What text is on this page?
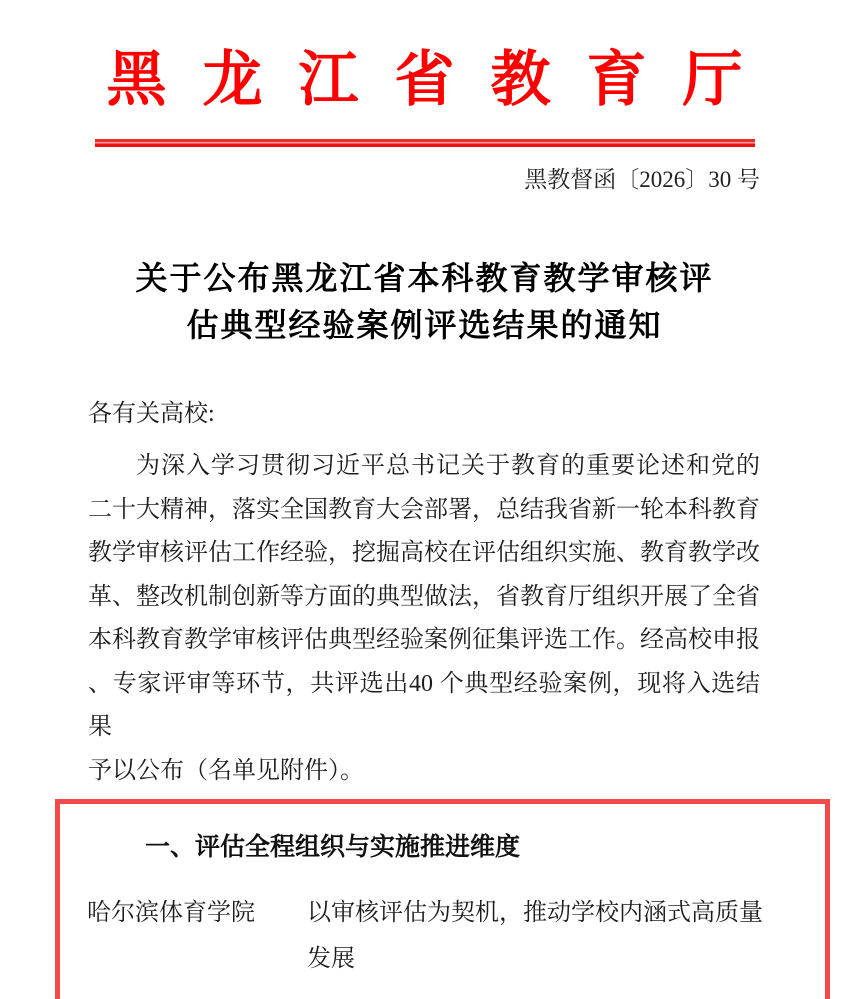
黑龙江省教育厅
黑教督函〔2026〕30 号
关于公布黑龙江省本科教育教学审核评
估典型经验案例评选结果的通知
各有关高校:
为深入学习贯彻习近平总书记关于教育的重要论述和党的
二十大精神，落实全国教育大会部署，总结我省新一轮本科教育
教学审核评估工作经验，挖掘高校在评估组织实施、教育教学改
革、整改机制创新等方面的典型做法，省教育厅组织开展了全省
本科教育教学审核评估典型经验案例征集评选工作。经高校申报
、专家评审等环节，共评选出40 个典型经验案例，现将入选结果
予以公布（名单见附件）。
一、评估全程组织与实施推进维度
哈尔滨体育学院	以审核评估为契机，推动学校内涵式高质量
发展
